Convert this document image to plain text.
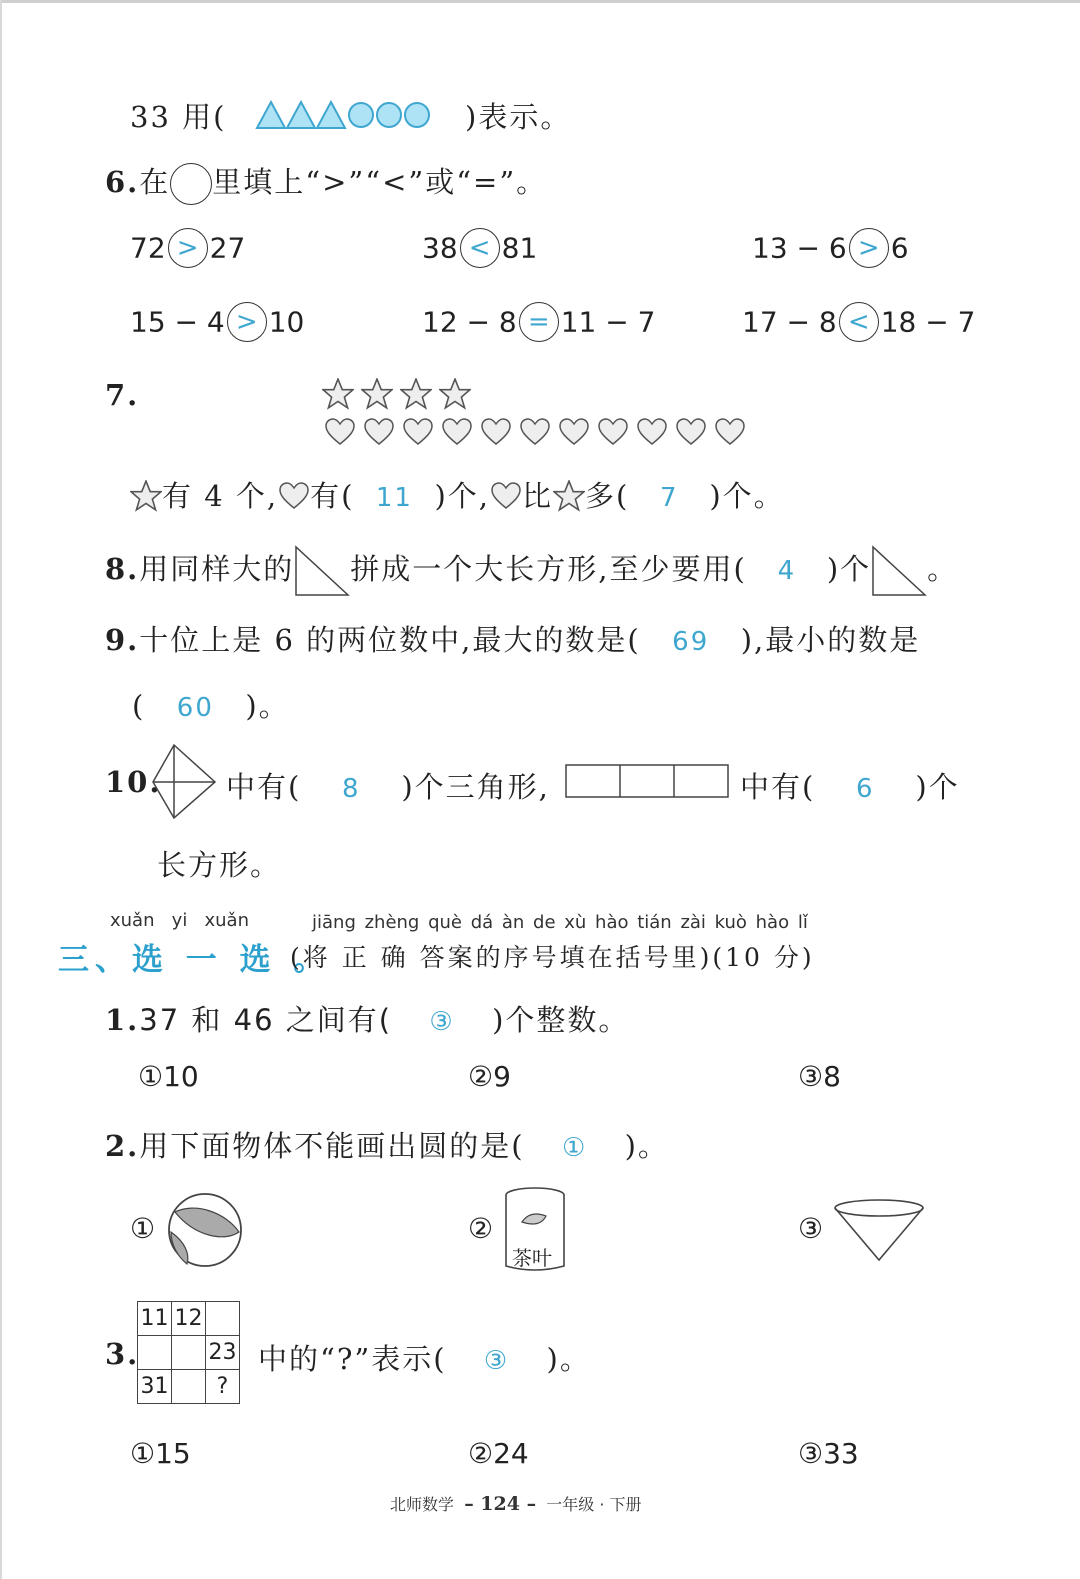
33 用(	)表示。
6.在 里填上“>”“<”或“=”。
72 > 27	38 < 81	13 − 6 > 6
15 − 4 > 10	12 − 8 = 11 − 7	17 − 8 < 18 − 7
7.
有 4 个, 有( 11 )个, 比 多( 7 )个。
8.用同样大的 拼成一个大长方形,至少要用( 4 )个 。
9.十位上是 6 的两位数中,最大的数是( 69 ),最小的数是
( 60 )。
10. 中有( 8 )个三角形,	中有( 6 )个
长方形。
xuǎn yi xuǎn	jiāng zhèng què dá àn de xù hào tián zài kuò hào lǐ
三、选 一 选 。
(将 正 确 答案的序号填在括号里)(10 分)
1.37 和 46 之间有( ③ )个整数。
①10	②9	③8
2.用下面物体不能画出圆的是( ① )。
①	②
茶叶
③
3.
11	12	
		23
31		?
中的“?”表示( ③ )。
①15	②24	③33
北师数学 – 124 – 一年级 · 下册
